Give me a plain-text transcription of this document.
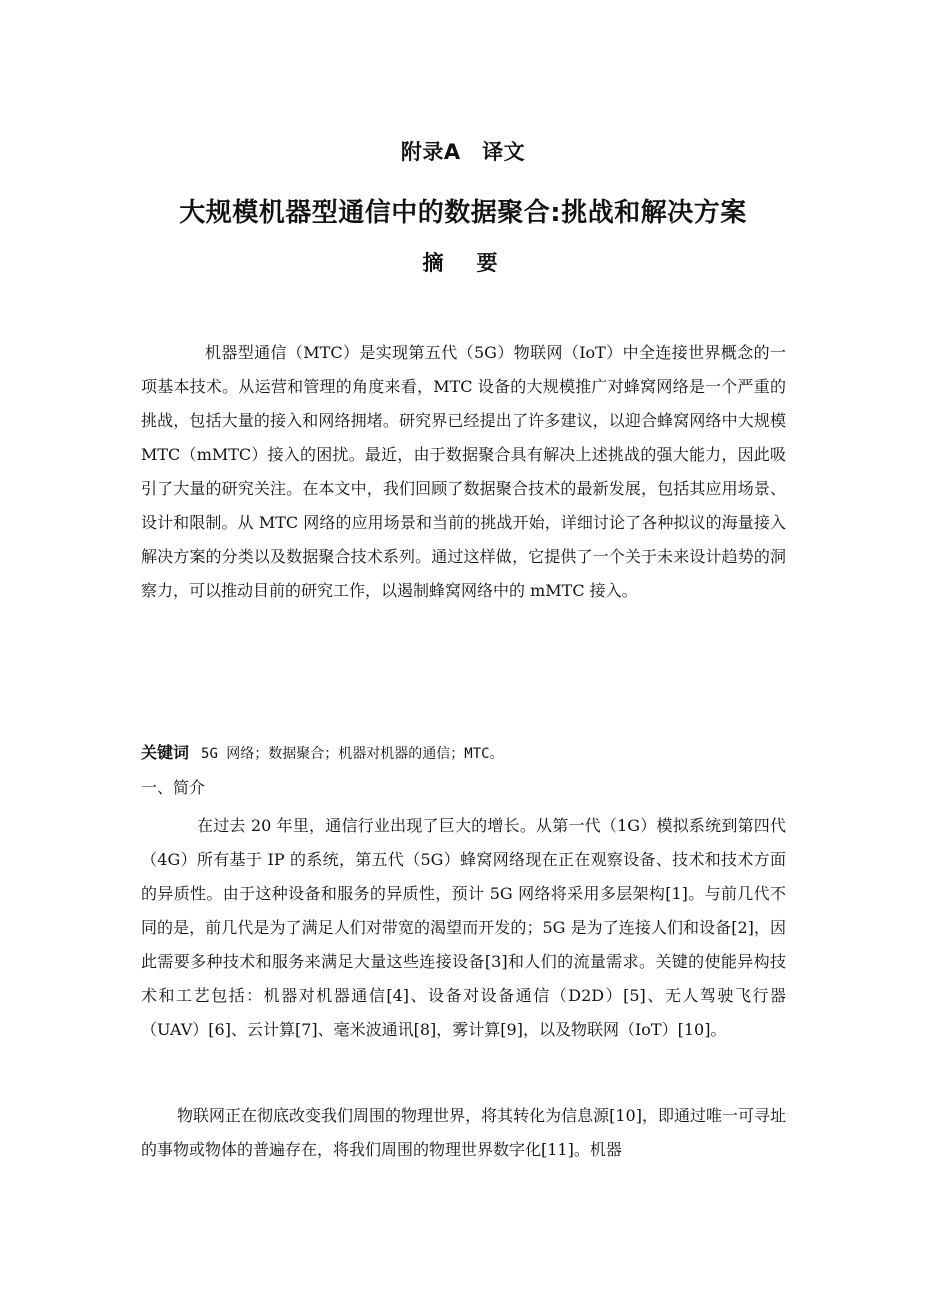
附录A　译文
大规模机器型通信中的数据聚合:挑战和解决方案
摘　要

机器型通信（MTC）是实现第五代（5G）物联网（IoT）中全连接世界概念的一项基本技术。从运营和管理的角度来看，MTC 设备的大规模推广对蜂窝网络是一个严重的挑战，包括大量的接入和网络拥堵。研究界已经提出了许多建议，以迎合蜂窝网络中大规模 MTC（mMTC）接入的困扰。最近，由于数据聚合具有解决上述挑战的强大能力，因此吸引了大量的研究关注。在本文中，我们回顾了数据聚合技术的最新发展，包括其应用场景、设计和限制。从 MTC 网络的应用场景和当前的挑战开始，详细讨论了各种拟议的海量接入解决方案的分类以及数据聚合技术系列。通过这样做，它提供了一个关于未来设计趋势的洞察力，可以推动目前的研究工作，以遏制蜂窝网络中的 mMTC 接入。

关键词 5G 网络；数据聚合；机器对机器的通信；MTC。
一、简介

在过去 20 年里，通信行业出现了巨大的增长。从第一代（1G）模拟系统到第四代（4G）所有基于 IP 的系统，第五代（5G）蜂窝网络现在正在观察设备、技术和技术方面的异质性。由于这种设备和服务的异质性，预计 5G 网络将采用多层架构[1]。与前几代不同的是，前几代是为了满足人们对带宽的渴望而开发的；5G 是为了连接人们和设备[2]，因此需要多种技术和服务来满足大量这些连接设备[3]和人们的流量需求。关键的使能异构技术和工艺包括：机器对机器通信[4]、设备对设备通信（D2D）[5]、无人驾驶飞行器（UAV）[6]、云计算[7]、毫米波通讯[8]，雾计算[9]，以及物联网（IoT）[10]。

物联网正在彻底改变我们周围的物理世界，将其转化为信息源[10]，即通过唯一可寻址的事物或物体的普遍存在，将我们周围的物理世界数字化[11]。机器
